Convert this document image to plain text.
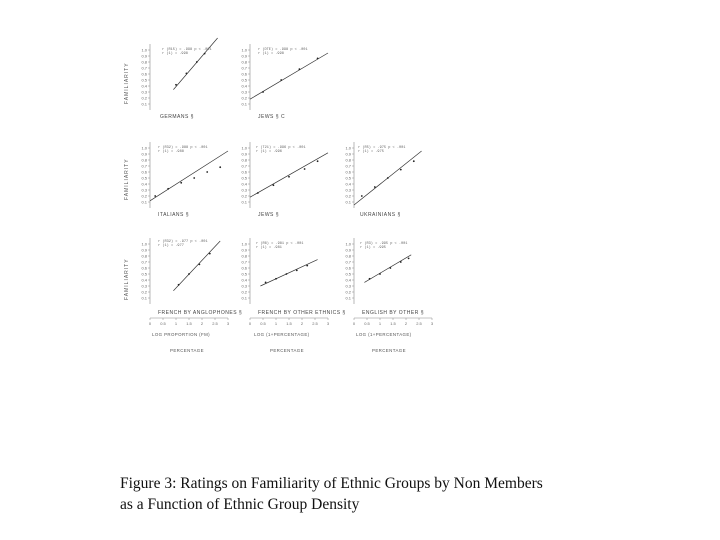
0.1
0.2
0.3
0.4
0.5
0.6
0.7
0.8
0.9
1.0	r (R15) = .998 p < .001
r (1) = .998
GERMANS §
0.1
0.2
0.3
0.4
0.5
0.6
0.7
0.8
0.9
1.0	r (DTE) = .998 p < .001
r (1) = .998
JEWS § C
0.1
0.2
0.3
0.4
0.5
0.6
0.7
0.8
0.9
1.0	r (R32) = .988 p < .001
r (1) = .988
ITALIANS §
0.1
0.2
0.3
0.4
0.5
0.6
0.7
0.8
0.9
1.0	r (T21) = .996 p < .001
r (1) = .996
JEWS §
0.1
0.2
0.3
0.4
0.5
0.6
0.7
0.8
0.9
1.0 r (R5) = .975 p < .001
r (1) = .975
UKRAINIANS §
0.1
0.2
0.3
0.4
0.5
0.6
0.7
0.8
0.9
1.0
0 0.5 1 1.5 2 2.5 3
r (R32) = .977 p < .001
r (1) = .977
FRENCH BY ANGLOPHONES §
0.1
0.2
0.3
0.4
0.5
0.6
0.7
0.8
0.9
1.0
0 0.5 1 1.5 2 2.5 3
r (R6) = .981 p < .001
r (1) = .981
FRENCH BY OTHER ETHNICS §
0.1
0.2
0.3
0.4
0.5
0.6
0.7
0.8
0.9
1.0
0 0.5 1 1.5 2 2.5 3
r (R3) = .995 p < .001
r (1) = .995
ENGLISH BY OTHER §
FAMILIARITY
FAMILIARITY
FAMILIARITY
LOG PROPORTION (FM)
PERCENTAGE
LOG (1+PERCENTAGE)
PERCENTAGE
LOG (1+PERCENTAGE)
PERCENTAGE
Figure 3: Ratings on Familiarity of Ethnic Groups by Non Members
as a Function of Ethnic Group Density
